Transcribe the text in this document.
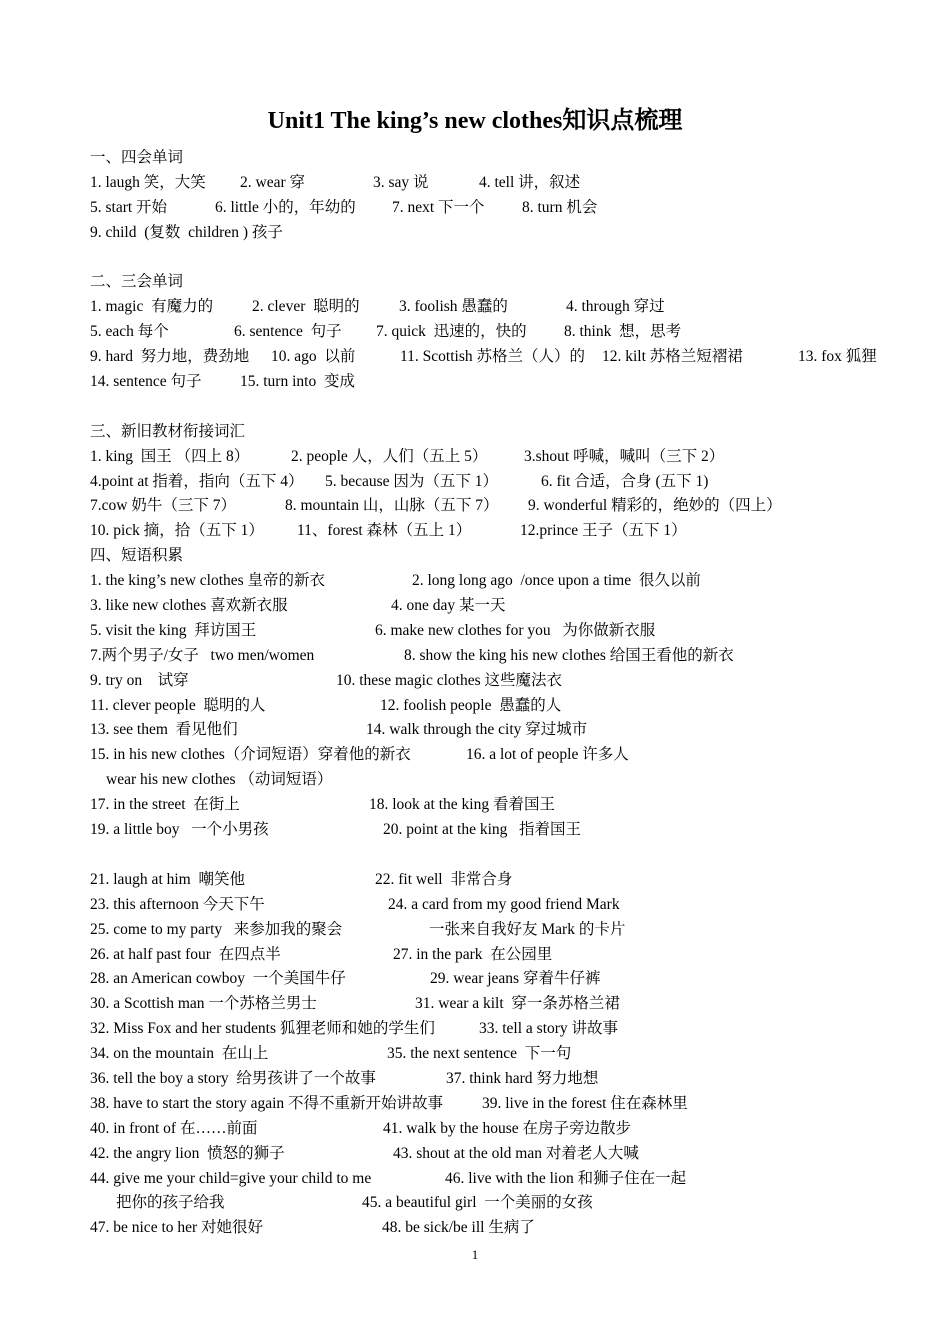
Unit1 The king’s new clothes知识点梳理
一、四会单词
1. laugh 笑，大笑 2. wear 穿	3. say 说	4. tell 讲，叙述
5. start 开始	6. little 小的，年幼的 7. next 下一个 8. turn 机会
9. child  (复数  children ) 孩子
二、三会单词
1. magic  有魔力的	2. clever  聪明的	3. foolish 愚蠢的	4. through 穿过
5. each 每个	6. sentence  句子 7. quick  迅速的，快的 8. think  想，思考
9. hard  努力地，费劲地 10. ago  以前	11. Scottish 苏格兰（人）的 12. kilt 苏格兰短褶裙	13. fox 狐狸
14. sentence 句子 15. turn into  变成
三、新旧教材衔接词汇
1. king  国王 （四上 8）	2. people 人，人们（五上 5） 3.shout 呼喊，喊叫（三下 2）
4.point at 指着，指向（五下 4） 5. because 因为（五下 1）	6. fit 合适，合身 (五下 1)
7.cow 奶牛（三下 7）	8. mountain 山，山脉（五下 7） 9. wonderful 精彩的，绝妙的（四上）
10. pick 摘，拾（五下 1） 11、forest 森林（五上 1）	12.prince 王子（五下 1）
四、短语积累
1. the king’s new clothes 皇帝的新衣	2. long long ago  /once upon a time  很久以前
3. like new clothes 喜欢新衣服	4. one day 某一天
5. visit the king  拜访国王	6. make new clothes for you   为你做新衣服
7.两个男子/女子   two men/women	8. show the king his new clothes 给国王看他的新衣
9. try on    试穿	10. these magic clothes 这些魔法衣
11. clever people  聪明的人	12. foolish people  愚蠢的人
13. see them  看见他们	14. walk through the city 穿过城市
15. in his new clothes（介词短语）穿着他的新衣	16. a lot of people 许多人
wear his new clothes （动词短语）
17. in the street  在街上	18. look at the king 看着国王
19. a little boy   一个小男孩	20. point at the king   指着国王
21. laugh at him  嘲笑他	22. fit well  非常合身
23. this afternoon 今天下午	24. a card from my good friend Mark
25. come to my party   来参加我的聚会	一张来自我好友 Mark 的卡片
26. at half past four  在四点半	27. in the park  在公园里
28. an American cowboy  一个美国牛仔	29. wear jeans 穿着牛仔裤
30. a Scottish man 一个苏格兰男士	31. wear a kilt  穿一条苏格兰裙
32. Miss Fox and her students 狐狸老师和她的学生们	33. tell a story 讲故事
34. on the mountain  在山上	35. the next sentence  下一句
36. tell the boy a story  给男孩讲了一个故事	37. think hard 努力地想
38. have to start the story again 不得不重新开始讲故事	39. live in the forest 住在森林里
40. in front of 在……前面	41. walk by the house 在房子旁边散步
42. the angry lion  愤怒的狮子	43. shout at the old man 对着老人大喊
44. give me your child=give your child to me	46. live with the lion 和狮子住在一起
把你的孩子给我	45. a beautiful girl  一个美丽的女孩
47. be nice to her 对她很好	48. be sick/be ill 生病了
1
